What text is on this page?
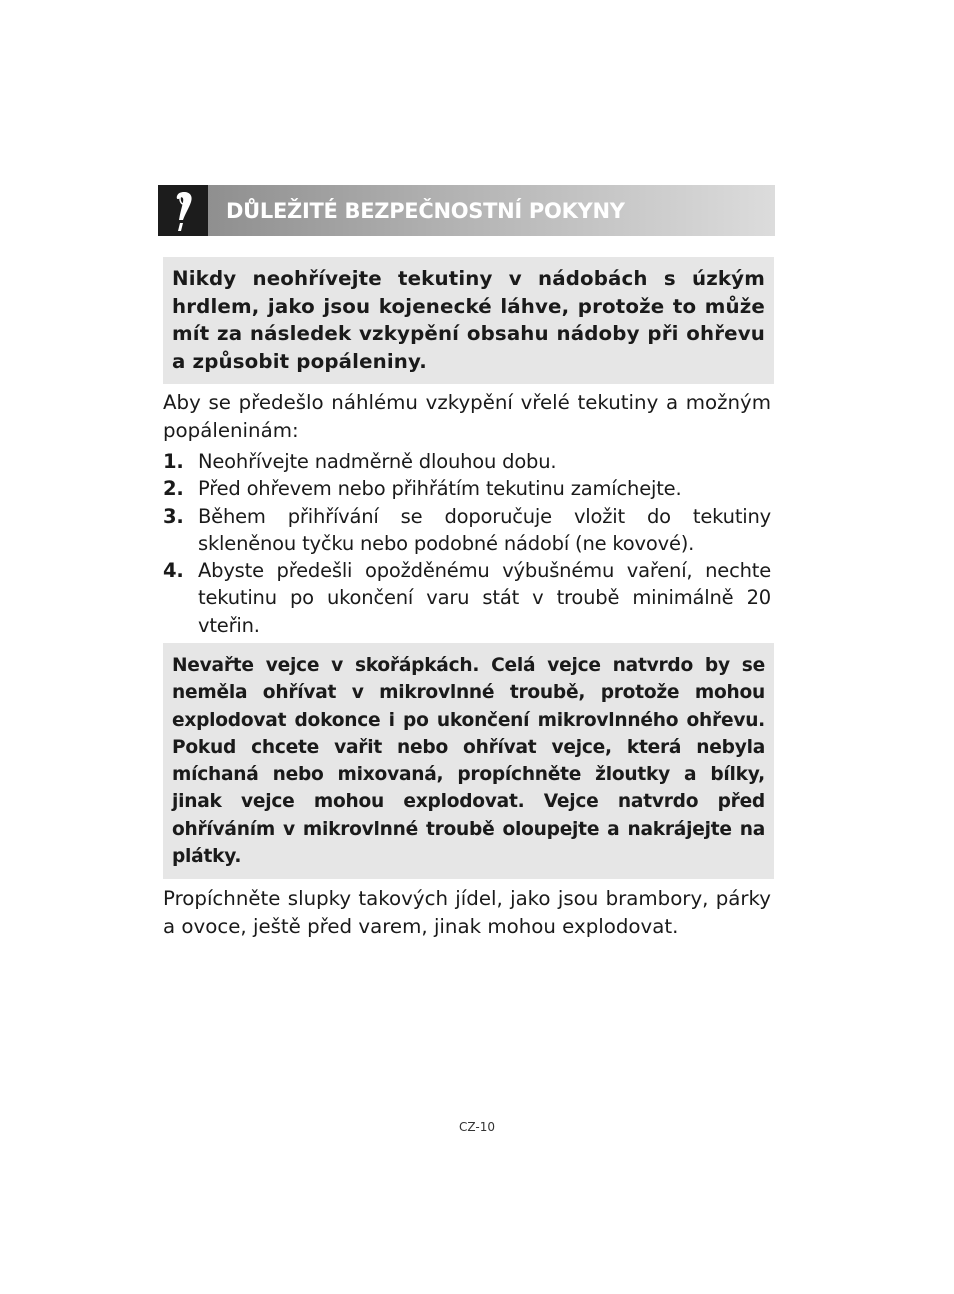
DŮLEŽITÉ BEZPEČNOSTNÍ POKYNY
Nikdy neohřívejte tekutiny v nádobách s úzkým hrdlem, jako jsou kojenecké láhve, protože to může mít za následek vzkypění obsahu nádoby při ohřevu a způsobit popáleniny.
Aby se předešlo náhlému vzkypění vřelé tekutiny a možným popáleninám:
1. Neohřívejte nadměrně dlouhou dobu.
2. Před ohřevem nebo přihřátím tekutinu zamíchejte.
3. Během přihřívání se doporučuje vložit do tekutiny skleněnou tyčku nebo podobné nádobí (ne kovové).
4. Abyste předešli opožděnému výbušnému vaření, nechte tekutinu po ukončení varu stát v troubě minimálně 20 vteřin.
Nevařte vejce v skořápkách. Celá vejce natvrdo by se neměla ohřívat v mikrovlnné troubě, protože mohou explodovat dokonce i po ukončení mikrovlnného ohřevu. Pokud chcete vařit nebo ohřívat vejce, která nebyla míchaná nebo mixovaná, propíchněte žloutky a bílky, jinak vejce mohou explodovat. Vejce natvrdo před ohříváním v mikrovlnné troubě oloupejte a nakrájejte na plátky.
Propíchněte slupky takových jídel, jako jsou brambory, párky a ovoce, ještě před varem, jinak mohou explodovat.
CZ-10
